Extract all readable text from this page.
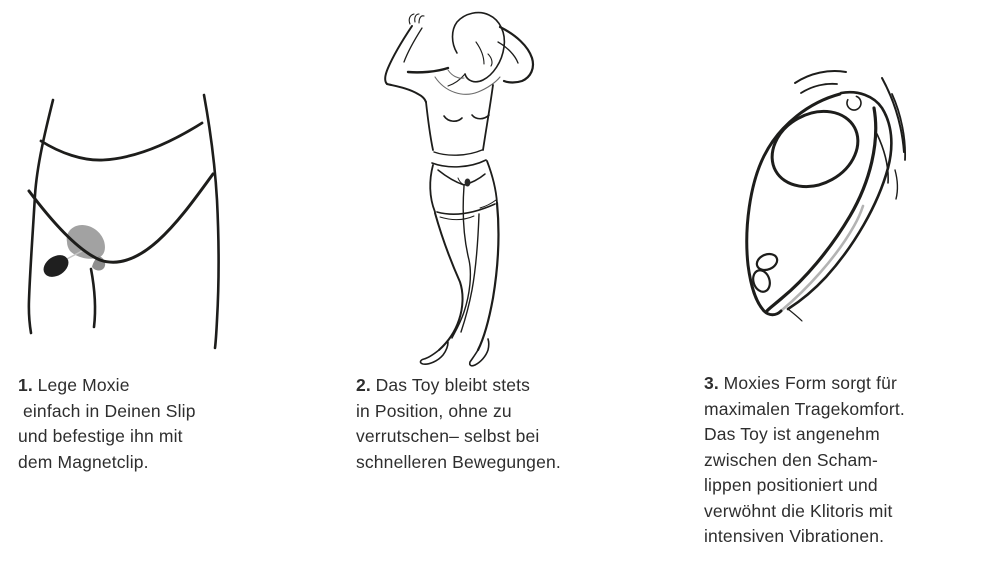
1. Lege Moxie

einfach in Deinen Slip

und befestige ihn mit

dem Magnetclip.

2. Das Toy bleibt stets

in Position, ohne zu

verrutschen– selbst bei

schnelleren Bewegungen.

3. Moxies Form sorgt für

maximalen Tragekomfort.

Das Toy ist angenehm

zwischen den Scham-

lippen positioniert und

verwöhnt die Klitoris mit

intensiven Vibrationen.
